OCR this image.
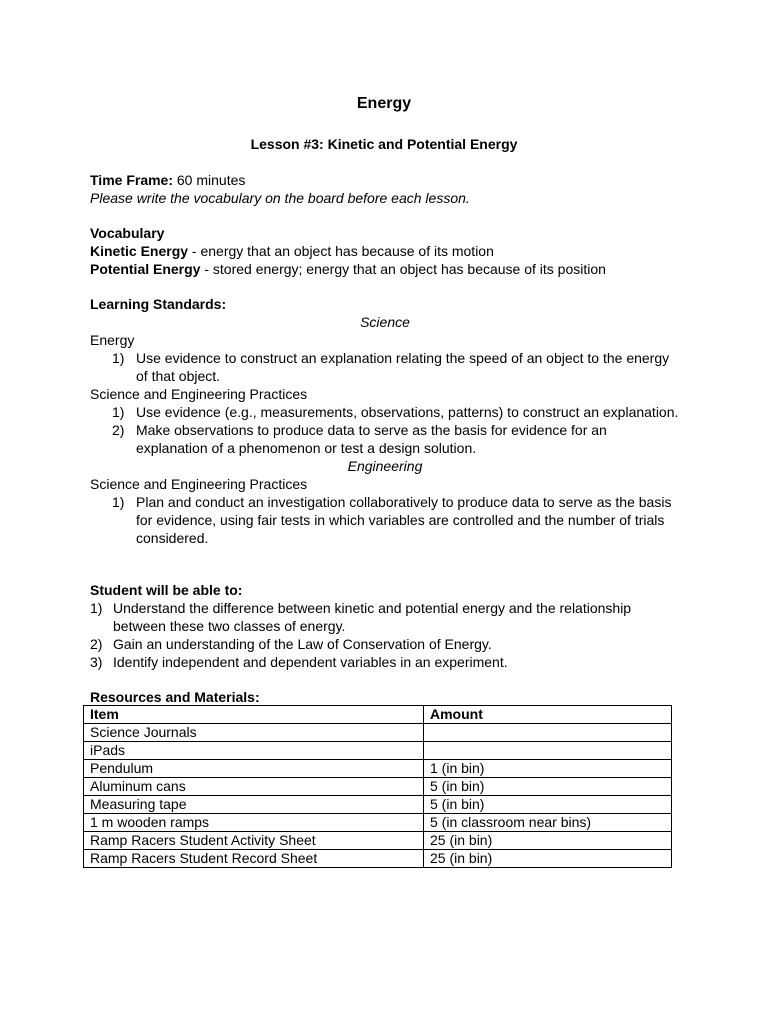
Energy
Lesson #3: Kinetic and Potential Energy

Time Frame: 60 minutes

Please write the vocabulary on the board before each lesson.

Vocabulary

Kinetic Energy - energy that an object has because of its motion

Potential Energy - stored energy; energy that an object has because of its position

Learning Standards:

Science

Energy

1) Use evidence to construct an explanation relating the speed of an object to the energy of that object.

Science and Engineering Practices

1) Use evidence (e.g., measurements, observations, patterns) to construct an explanation.
2) Make observations to produce data to serve as the basis for evidence for an explanation of a phenomenon or test a design solution.

Engineering

Science and Engineering Practices

1) Plan and conduct an investigation collaboratively to produce data to serve as the basis for evidence, using fair tests in which variables are controlled and the number of trials considered.

Student will be able to:

1) Understand the difference between kinetic and potential energy and the relationship between these two classes of energy.
2) Gain an understanding of the Law of Conservation of Energy.
3) Identify independent and dependent variables in an experiment.

Resources and Materials:

Item	Amount
Science Journals	
iPads	
Pendulum	1 (in bin)
Aluminum cans	5 (in bin)
Measuring tape	5 (in bin)
1 m wooden ramps	5 (in classroom near bins)
Ramp Racers Student Activity Sheet	25 (in bin)
Ramp Racers Student Record Sheet	25 (in bin)
